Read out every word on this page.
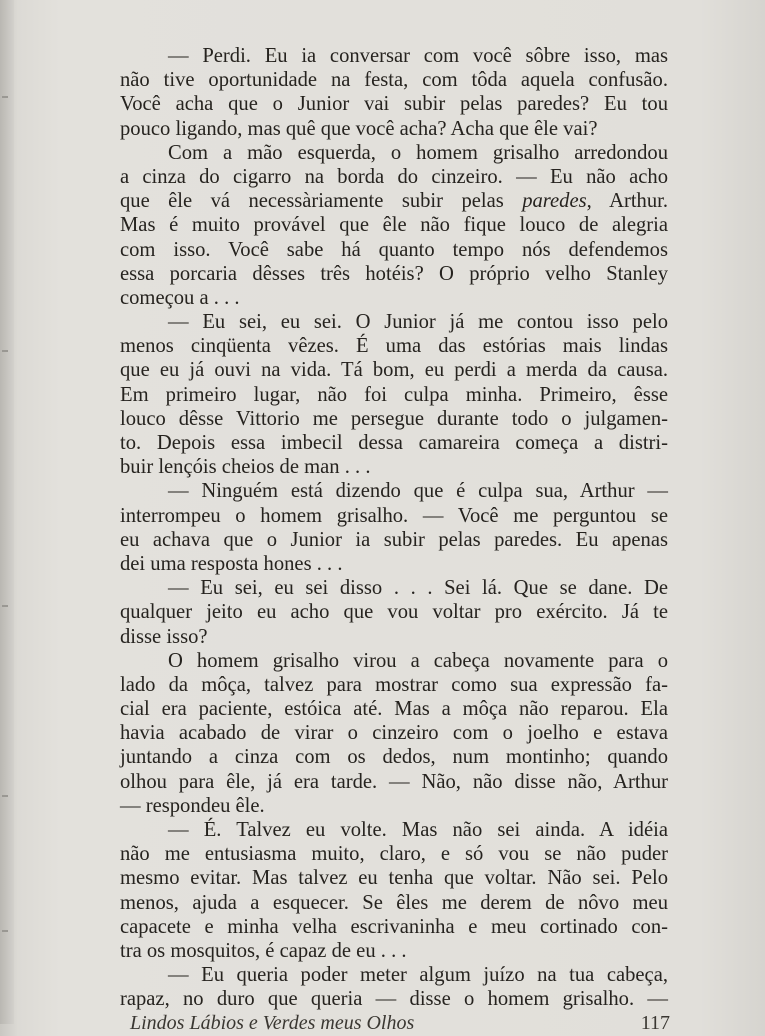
— Perdi. Eu ia conversar com você sôbre isso, mas
não tive oportunidade na festa, com tôda aquela confusão.
Você acha que o Junior vai subir pelas paredes? Eu tou
pouco ligando, mas quê que você acha? Acha que êle vai?
Com a mão esquerda, o homem grisalho arredondou
a cinza do cigarro na borda do cinzeiro. — Eu não acho
que êle vá necessàriamente subir pelas paredes, Arthur.
Mas é muito provável que êle não fique louco de alegria
com isso. Você sabe há quanto tempo nós defendemos
essa porcaria dêsses três hotéis? O próprio velho Stanley
começou a . . .
— Eu sei, eu sei. O Junior já me contou isso pelo
menos cinqüenta vêzes. É uma das estórias mais lindas
que eu já ouvi na vida. Tá bom, eu perdi a merda da causa.
Em primeiro lugar, não foi culpa minha. Primeiro, êsse
louco dêsse Vittorio me persegue durante todo o julgamen-
to. Depois essa imbecil dessa camareira começa a distri-
buir lençóis cheios de man . . .
— Ninguém está dizendo que é culpa sua, Arthur —
interrompeu o homem grisalho. — Você me perguntou se
eu achava que o Junior ia subir pelas paredes. Eu apenas
dei uma resposta hones . . .
— Eu sei, eu sei disso . . . Sei lá. Que se dane. De
qualquer jeito eu acho que vou voltar pro exército. Já te
disse isso?
O homem grisalho virou a cabeça novamente para o
lado da môça, talvez para mostrar como sua expressão fa-
cial era paciente, estóica até. Mas a môça não reparou. Ela
havia acabado de virar o cinzeiro com o joelho e estava
juntando a cinza com os dedos, num montinho; quando
olhou para êle, já era tarde. — Não, não disse não, Arthur
— respondeu êle.
— É. Talvez eu volte. Mas não sei ainda. A idéia
não me entusiasma muito, claro, e só vou se não puder
mesmo evitar. Mas talvez eu tenha que voltar. Não sei. Pelo
menos, ajuda a esquecer. Se êles me derem de nôvo meu
capacete e minha velha escrivaninha e meu cortinado con-
tra os mosquitos, é capaz de eu . . .
— Eu queria poder meter algum juízo na tua cabeça,
rapaz, no duro que queria — disse o homem grisalho. —
Lindos Lábios e Verdes meus Olhos	117
